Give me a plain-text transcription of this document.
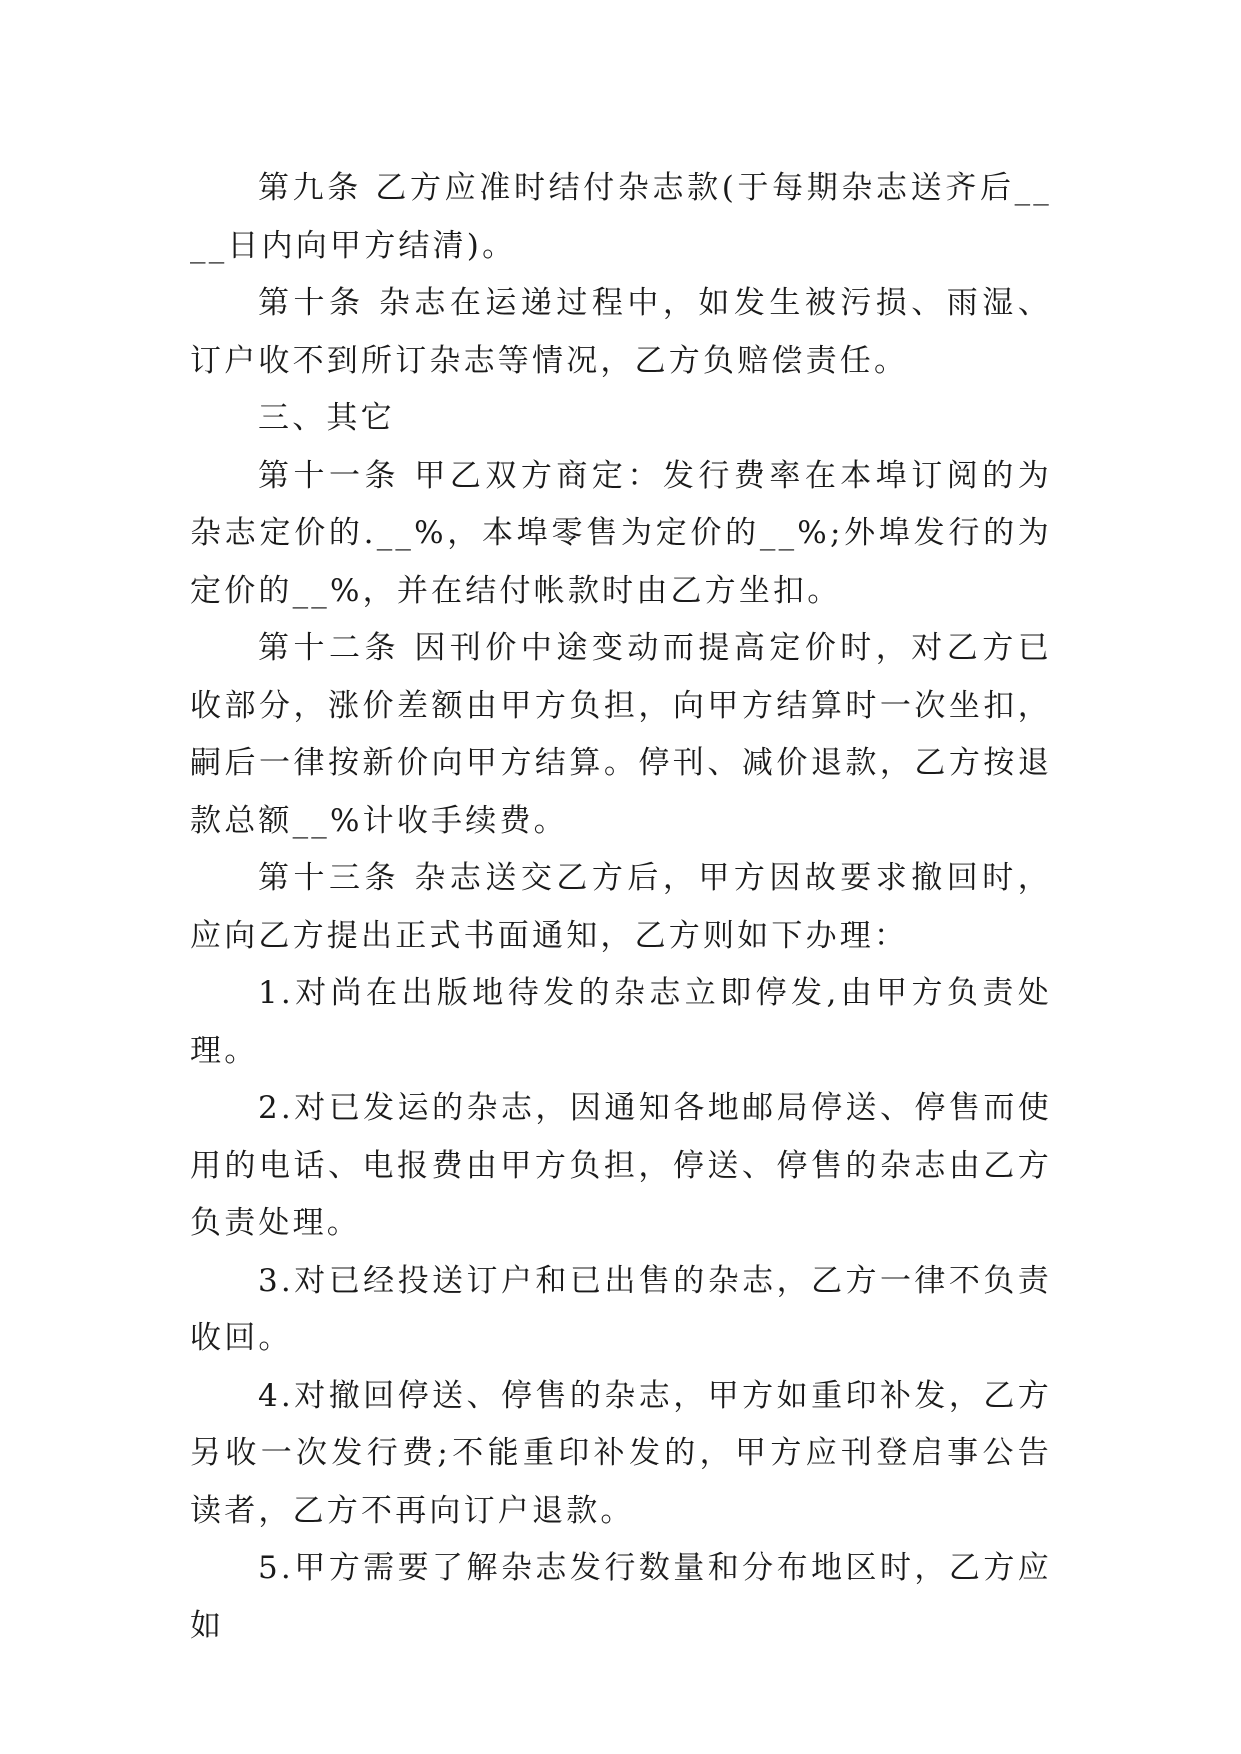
第九条 乙方应准时结付杂志款(于每期杂志送齐后____日内向甲方结清)。

第十条 杂志在运递过程中，如发生被污损、雨湿、订户收不到所订杂志等情况，乙方负赔偿责任。

三、其它

第十一条 甲乙双方商定：发行费率在本埠订阅的为杂志定价的.__%，本埠零售为定价的__%;外埠发行的为定价的__%，并在结付帐款时由乙方坐扣。

第十二条 因刊价中途变动而提高定价时，对乙方已收部分，涨价差额由甲方负担，向甲方结算时一次坐扣，嗣后一律按新价向甲方结算。停刊、减价退款，乙方按退款总额__%计收手续费。

第十三条 杂志送交乙方后，甲方因故要求撤回时，应向乙方提出正式书面通知，乙方则如下办理：

1.对尚在出版地待发的杂志立即停发,由甲方负责处理。

2.对已发运的杂志，因通知各地邮局停送、停售而使用的电话、电报费由甲方负担，停送、停售的杂志由乙方负责处理。

3.对已经投送订户和已出售的杂志，乙方一律不负责收回。

4.对撤回停送、停售的杂志，甲方如重印补发，乙方另收一次发行费;不能重印补发的，甲方应刊登启事公告读者，乙方不再向订户退款。

5.甲方需要了解杂志发行数量和分布地区时，乙方应如
